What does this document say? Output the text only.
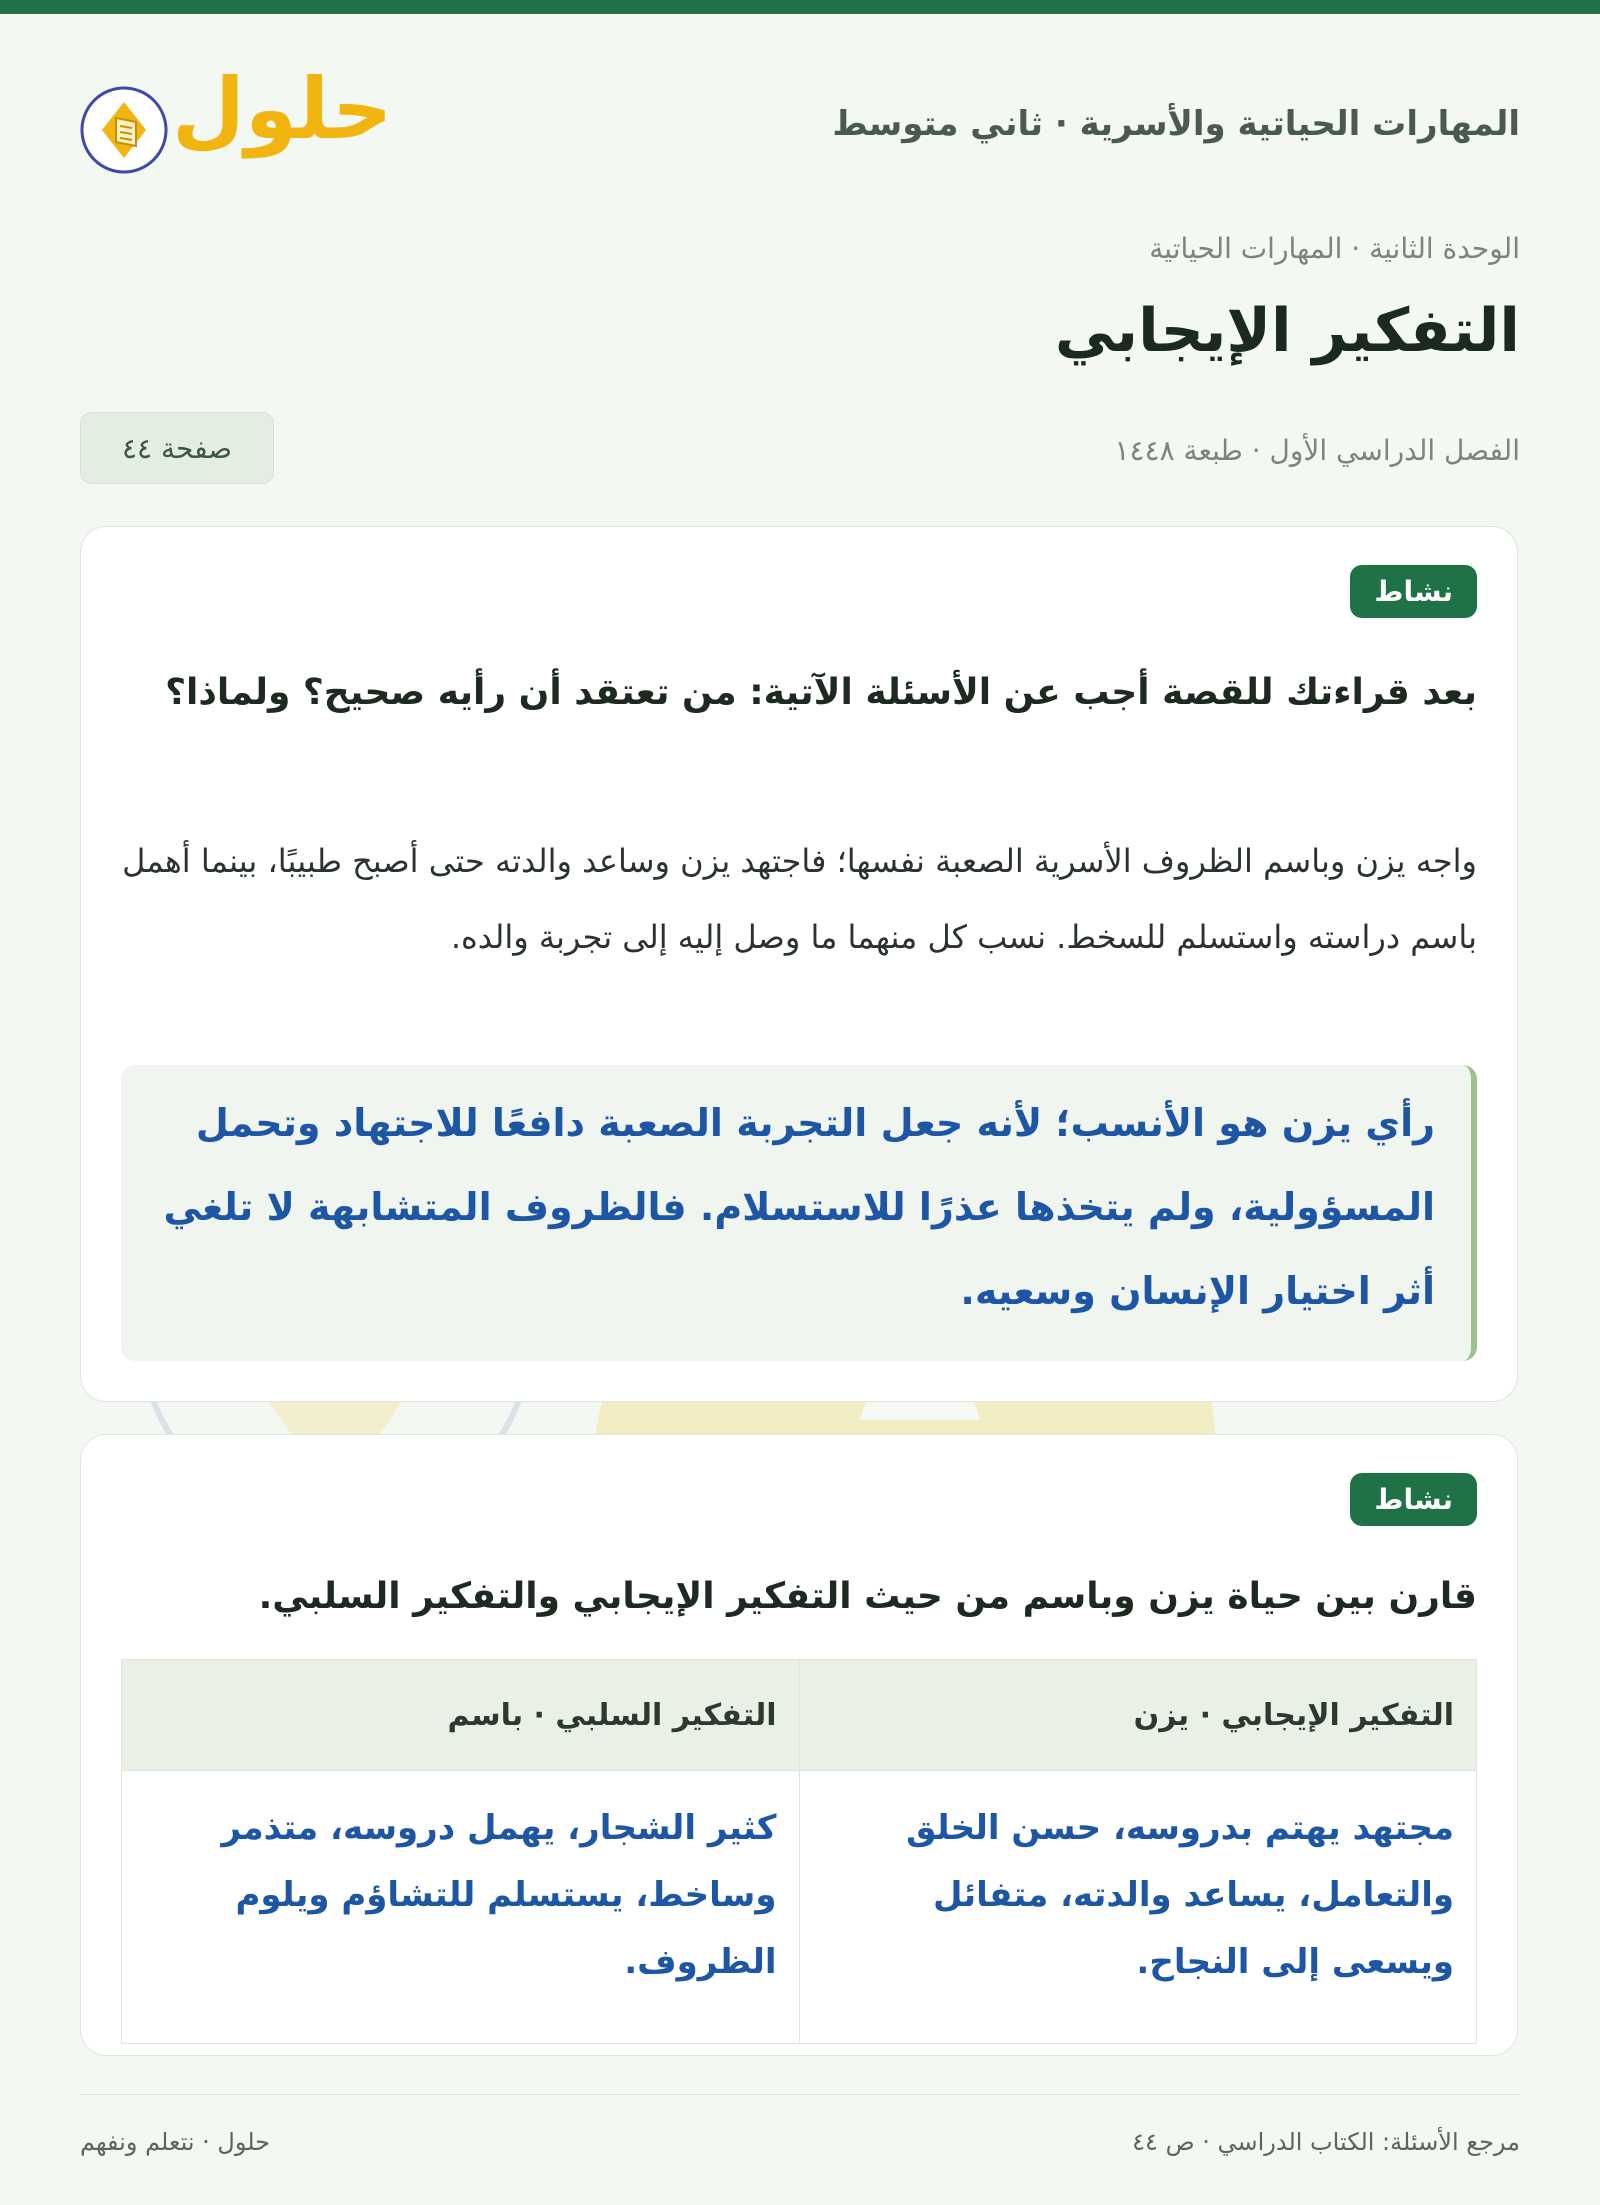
المهارات الحياتية والأسرية · ثاني متوسط
حلول
الوحدة الثانية · المهارات الحياتية
التفكير الإيجابي
الفصل الدراسي الأول · طبعة ١٤٤٨
صفحة ٤٤
نشاط

بعد قراءتك للقصة أجب عن الأسئلة الآتية: من تعتقد أن رأيه صحيح؟ ولماذا؟

واجه يزن وباسم الظروف الأسرية الصعبة نفسها؛ فاجتهد يزن وساعد والدته حتى أصبح طبيبًا، بينما أهمل باسم دراسته واستسلم للسخط. نسب كل منهما ما وصل إليه إلى تجربة والده.

رأي يزن هو الأنسب؛ لأنه جعل التجربة الصعبة دافعًا للاجتهاد وتحمل المسؤولية، ولم يتخذها عذرًا للاستسلام. فالظروف المتشابهة لا تلغي أثر اختيار الإنسان وسعيه.

نشاط

قارن بين حياة يزن وباسم من حيث التفكير الإيجابي والتفكير السلبي.

التفكير الإيجابي · يزن	التفكير السلبي · باسم
مجتهد يهتم بدروسه، حسن الخلق والتعامل، يساعد والدته، متفائل ويسعى إلى النجاح.	كثير الشجار، يهمل دروسه، متذمر وساخط، يستسلم للتشاؤم ويلوم الظروف.
مرجع الأسئلة: الكتاب الدراسي · ص ٤٤
حلول · نتعلم ونفهم
